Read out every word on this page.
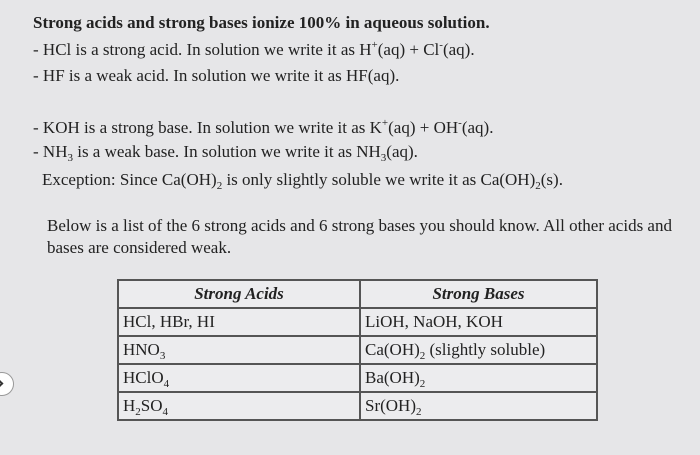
Strong acids and strong bases ionize 100% in aqueous solution.
- HCl is a strong acid. In solution we write it as H+(aq) + Cl-(aq).
- HF is a weak acid. In solution we write it as HF(aq).
- KOH is a strong base. In solution we write it as K+(aq) + OH-(aq).
- $NH_3$ is a weak base. In solution we write it as $NH_3(aq)$.
Exception: Since $Ca(OH)_2$ is only slightly soluble we write it as $Ca(OH)_2(s)$.
Below is a list of the 6 strong acids and 6 strong bases you should know. All other acids and bases are considered weak.
Strong Acids	Strong Bases
HCl, HBr, HI	LiOH, NaOH, KOH
$HNO_3$	$Ca(OH)_2$ (slightly soluble)
HClO$_4$	$Ba(OH)_2$
$H_2SO_4$	$Sr(OH)_2$
